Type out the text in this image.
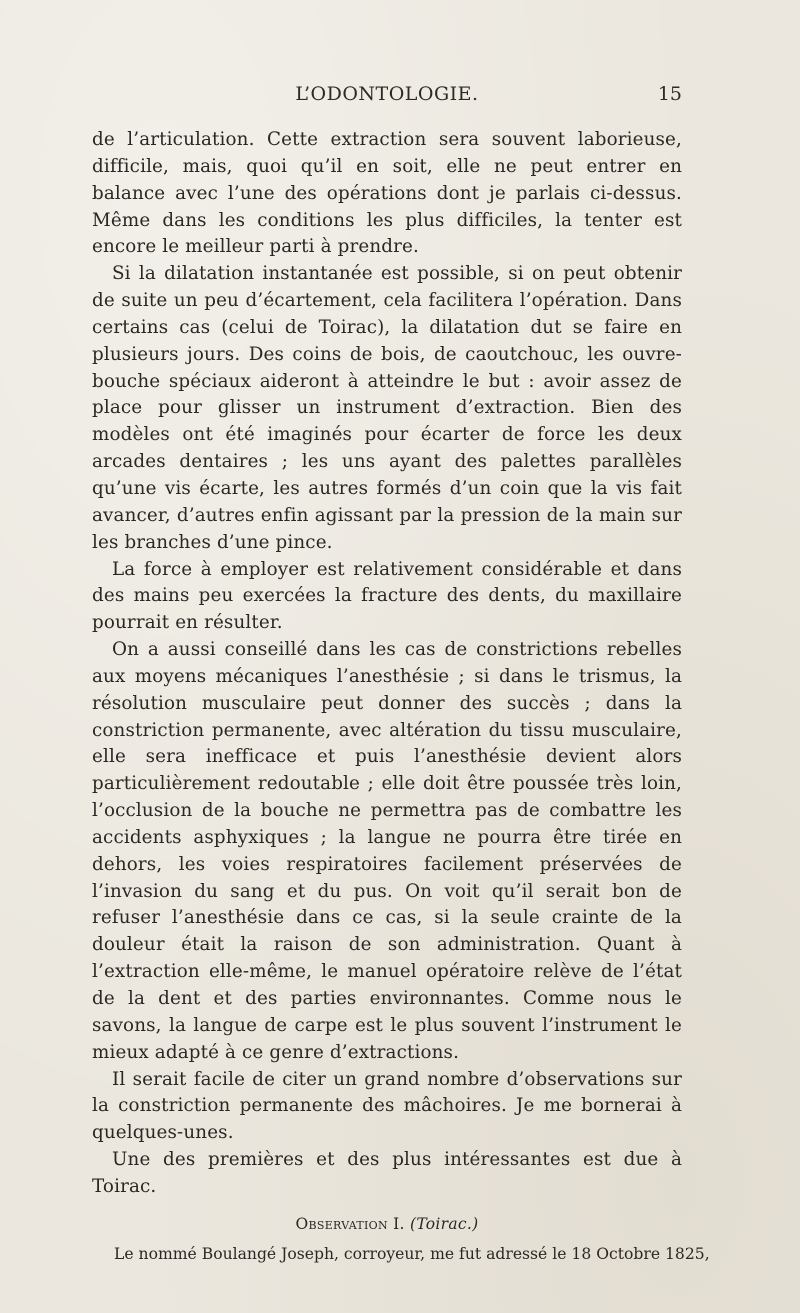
L’ODONTOLOGIE.	15

de l’articulation. Cette extraction sera souvent laborieuse, difficile, mais, quoi qu’il en soit, elle ne peut entrer en balance avec l’une des opérations dont je parlais ci-dessus. Même dans les conditions les plus difficiles, la tenter est encore le meilleur parti à prendre.

Si la dilatation instantanée est possible, si on peut obtenir de suite un peu d’écartement, cela facilitera l’opération. Dans certains cas (celui de Toirac), la dilatation dut se faire en plusieurs jours. Des coins de bois, de caoutchouc, les ouvre-bouche spéciaux aideront à atteindre le but : avoir assez de place pour glisser un instrument d’extraction. Bien des modèles ont été imaginés pour écarter de force les deux arcades dentaires ; les uns ayant des palettes parallèles qu’une vis écarte, les autres formés d’un coin que la vis fait avancer, d’autres enfin agissant par la pression de la main sur les branches d’une pince.

La force à employer est relativement considérable et dans des mains peu exercées la fracture des dents, du maxillaire pourrait en résulter.

On a aussi conseillé dans les cas de constrictions rebelles aux moyens mécaniques l’anesthésie ; si dans le trismus, la résolution musculaire peut donner des succès ; dans la constriction permanente, avec altération du tissu musculaire, elle sera inefficace et puis l’anesthésie devient alors particulièrement redoutable ; elle doit être poussée très loin, l’occlusion de la bouche ne permettra pas de combattre les accidents asphyxiques ; la langue ne pourra être tirée en dehors, les voies respiratoires facilement préservées de l’invasion du sang et du pus. On voit qu’il serait bon de refuser l’anesthésie dans ce cas, si la seule crainte de la douleur était la raison de son administration. Quant à l’extraction elle-même, le manuel opératoire relève de l’état de la dent et des parties environnantes. Comme nous le savons, la langue de carpe est le plus souvent l’instrument le mieux adapté à ce genre d’extractions.

Il serait facile de citer un grand nombre d’observations sur la constriction permanente des mâchoires. Je me bornerai à quelques-unes.

Une des premières et des plus intéressantes est due à Toirac.

Observation I. (Toirac.)

Le nommé Boulangé Joseph, corroyeur, me fut adressé le 18 Octobre 1825,
